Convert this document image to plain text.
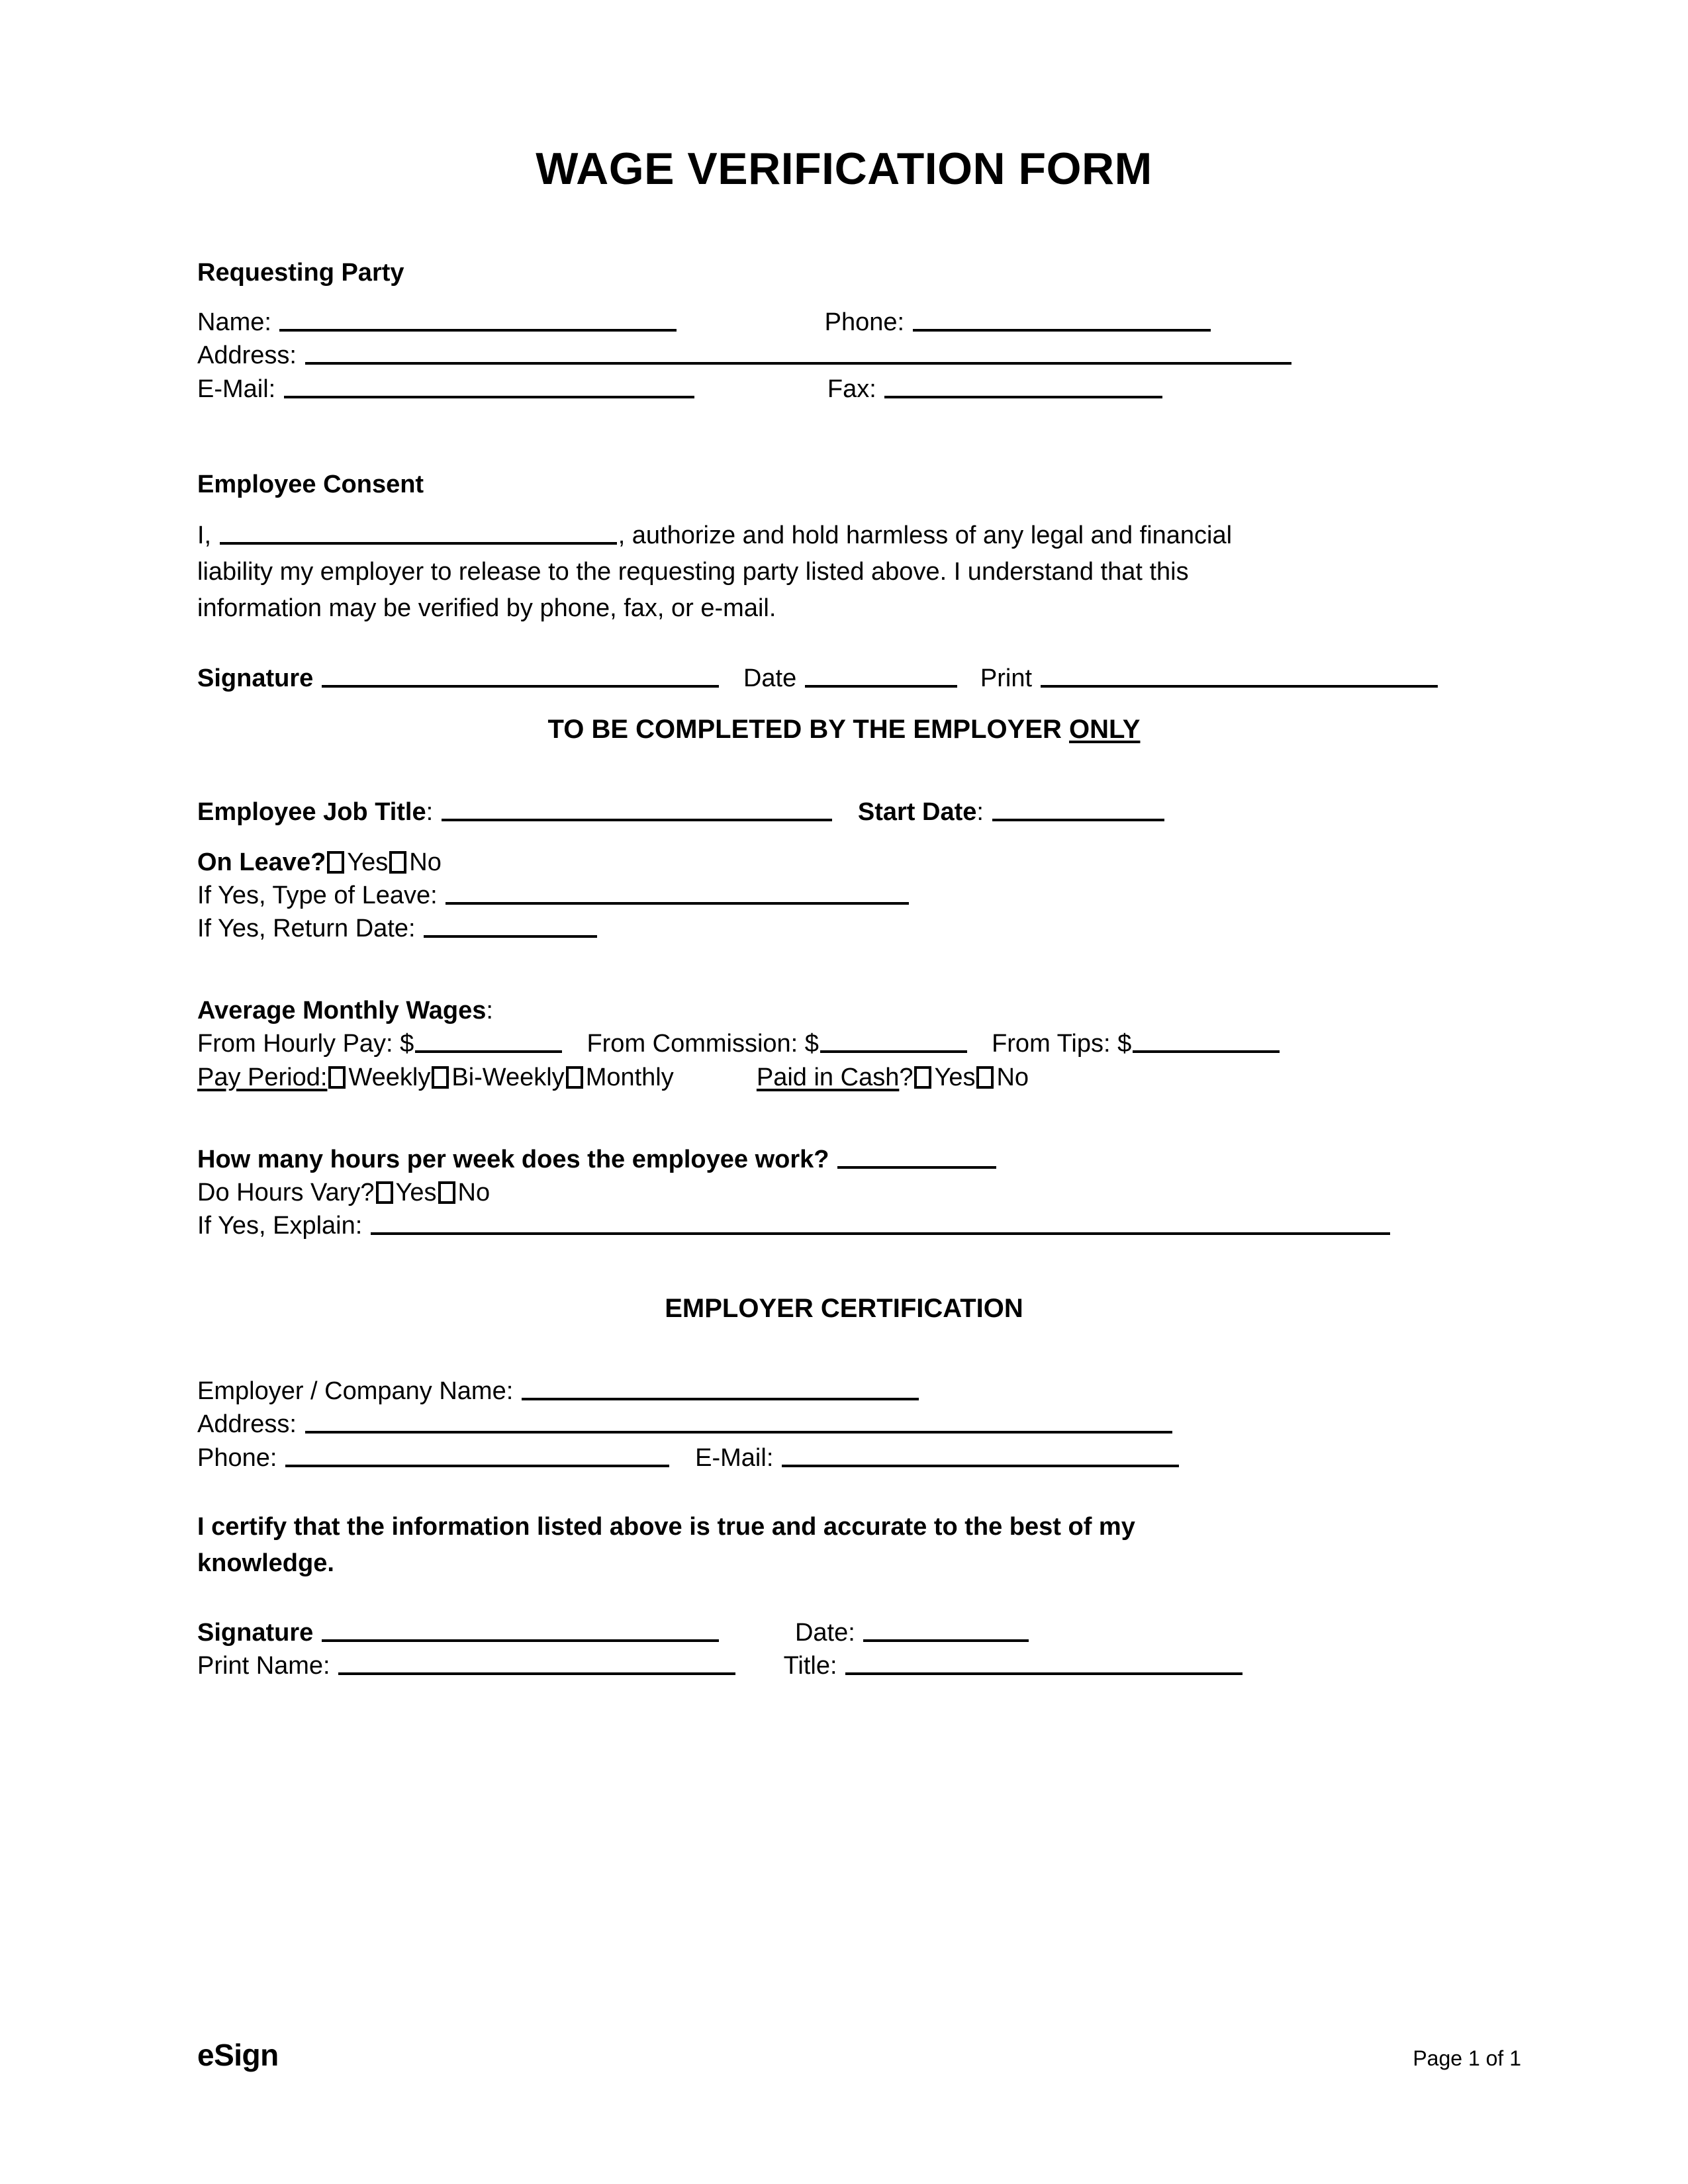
WAGE VERIFICATION FORM
Requesting Party
Name:	Phone:
Address:
E-Mail:	Fax:
Employee Consent
I,	, authorize and hold harmless of any legal and financial liability my employer to release to the requesting party listed above. I understand that this information may be verified by phone, fax, or e-mail.
Signature	Date	Print
TO BE COMPLETED BY THE EMPLOYER ONLY
Employee Job Title:	Start Date:
On Leave? Yes No
If Yes, Type of Leave:
If Yes, Return Date:
Average Monthly Wages:
From Hourly Pay: $	From Commission: $	From Tips: $
Pay Period: Weekly Bi-Weekly Monthly	Paid in Cash? Yes No
How many hours per week does the employee work?
Do Hours Vary? Yes No
If Yes, Explain:
EMPLOYER CERTIFICATION
Employer / Company Name:
Address:
Phone:	E-Mail:
I certify that the information listed above is true and accurate to the best of my knowledge.
Signature	Date:
Print Name:	Title:
eSign	Page 1 of 1
